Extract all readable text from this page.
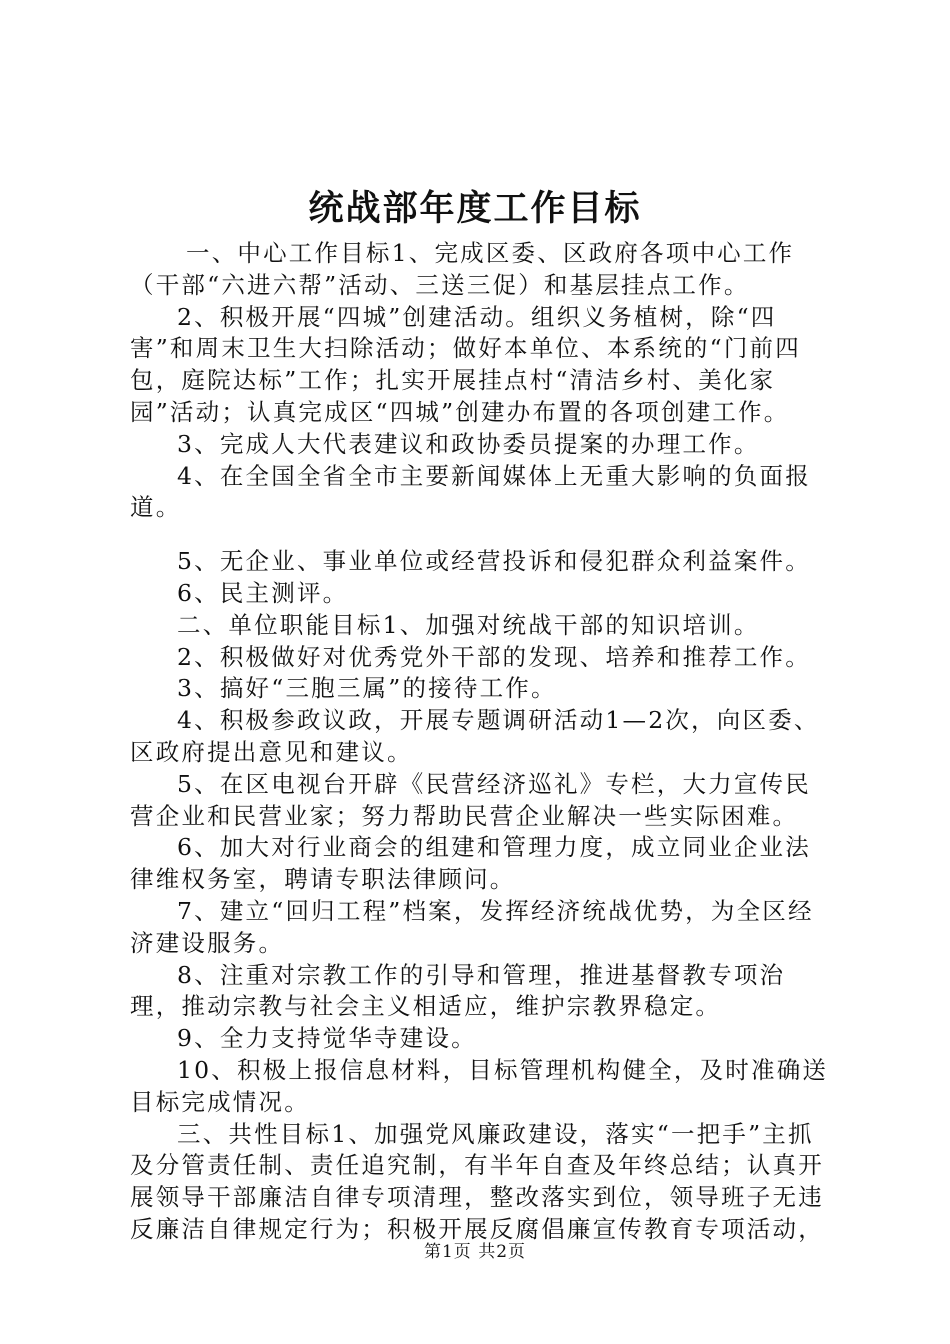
统战部年度工作目标

一、中心工作目标1、完成区委、区政府各项中心工作（干部“六进六帮”活动、三送三促）和基层挂点工作。

2、积极开展“四城”创建活动。组织义务植树，除“四害”和周末卫生大扫除活动；做好本单位、本系统的“门前四包，庭院达标”工作；扎实开展挂点村“清洁乡村、美化家园”活动；认真完成区“四城”创建办布置的各项创建工作。

3、完成人大代表建议和政协委员提案的办理工作。

4、在全国全省全市主要新闻媒体上无重大影响的负面报道。

5、无企业、事业单位或经营投诉和侵犯群众利益案件。

6、民主测评。

二、单位职能目标1、加强对统战干部的知识培训。

2、积极做好对优秀党外干部的发现、培养和推荐工作。

3、搞好“三胞三属”的接待工作。

4、积极参政议政，开展专题调研活动1—2次，向区委、区政府提出意见和建议。

5、在区电视台开辟《民营经济巡礼》专栏，大力宣传民营企业和民营业家；努力帮助民营企业解决一些实际困难。

6、加大对行业商会的组建和管理力度，成立同业企业法律维权务室，聘请专职法律顾问。

7、建立“回归工程”档案，发挥经济统战优势，为全区经济建设服务。

8、注重对宗教工作的引导和管理，推进基督教专项治理，推动宗教与社会主义相适应，维护宗教界稳定。

9、全力支持觉华寺建设。

10、积极上报信息材料，目标管理机构健全，及时准确送目标完成情况。

三、共性目标1、加强党风廉政建设，落实“一把手”主抓及分管责任制、责任追究制，有半年自查及年终总结；认真开展领导干部廉洁自律专项清理，整改落实到位，领导班子无违反廉洁自律规定行为；积极开展反腐倡廉宣传教育专项活动，

第1页 共2页
